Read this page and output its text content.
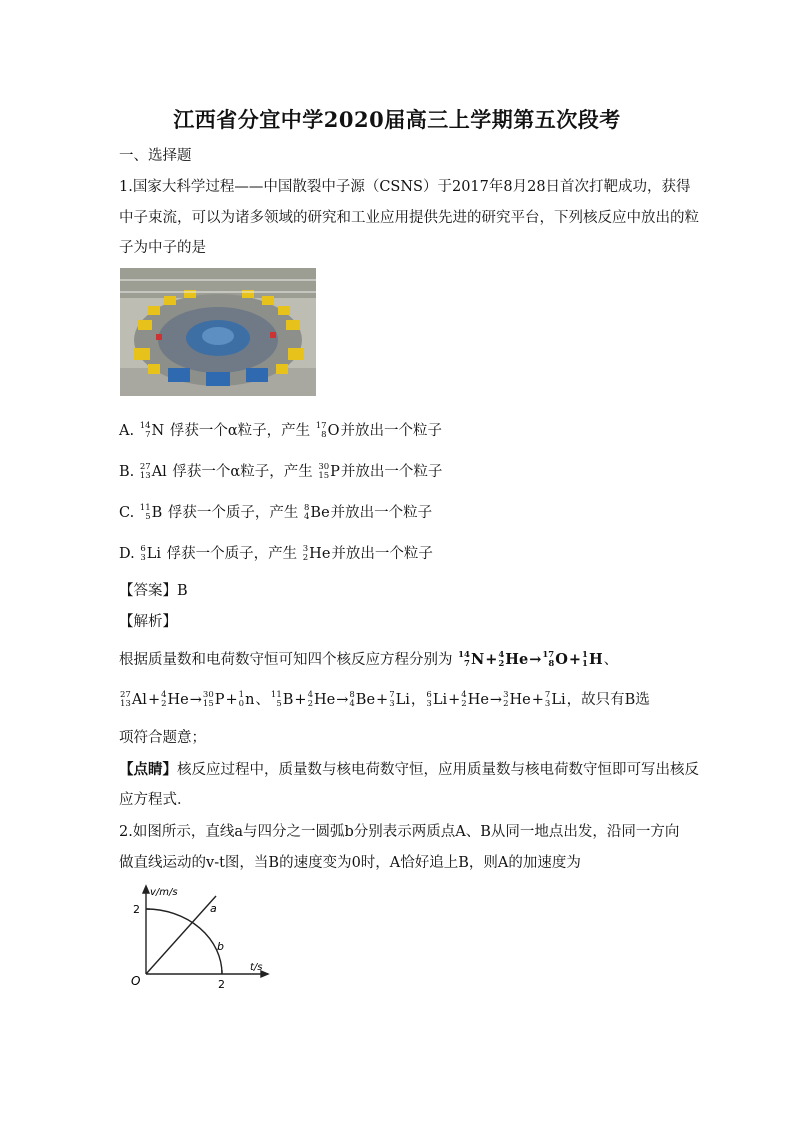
江西省分宜中学2020届高三上学期第五次段考
一、选择题
1.国家大科学过程——中国散裂中子源（CSNS）于2017年8月28日首次打靶成功，获得
中子束流，可以为诸多领域的研究和工业应用提供先进的研究平台，下列核反应中放出的粒
子为中子的是
A. 14
7 N 俘获一个α粒子，产生 17
8 O并放出一个粒子
B. 27
13 Al 俘获一个α粒子，产生 30
15 P并放出一个粒子
C. 11
5 B 俘获一个质子，产生 8
4 Be并放出一个粒子
D. 6
3 Li 俘获一个质子，产生 3
2 He并放出一个粒子
【答案】B
【解析】
根据质量数和电荷数守恒可知四个核反应方程分别为 14
7 N+ 4
2 He→ 17
8 O+ 1
1 H、
27
13 Al+ 4
2 He→ 30
15 P+ 1
0 n、 11
5 B+ 4
2 He→ 8
4 Be+ 7
3 Li， 6
3 Li+ 4
2 He→ 3
2 He+ 7
3 Li，故只有B选
项符合题意；
【点睛】核反应过程中，质量数与核电荷数守恒，应用质量数与核电荷数守恒即可写出核反
应方程式．
2.如图所示，直线a与四分之一圆弧b分别表示两质点A、B从同一地点出发，沿同一方向
做直线运动的v-t图，当B的速度变为0时，A恰好追上B，则A的加速度为
v/m/s
t/s
O
2
2
a
b
